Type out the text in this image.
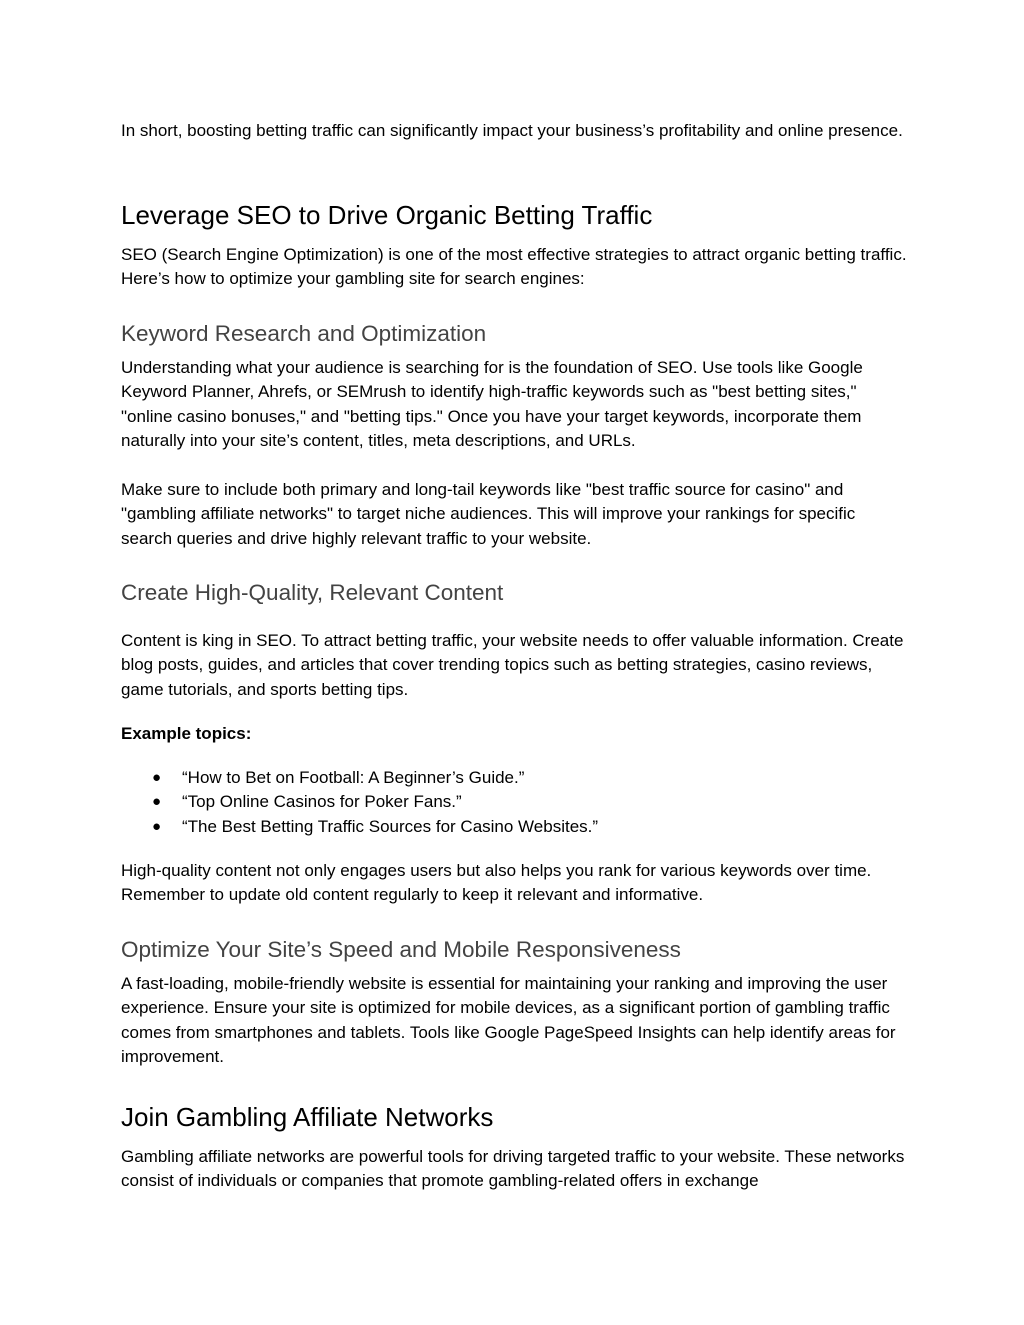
In short, boosting betting traffic can significantly impact your business’s profitability and online presence.

Leverage SEO to Drive Organic Betting Traffic

SEO (Search Engine Optimization) is one of the most effective strategies to attract organic betting traffic. Here’s how to optimize your gambling site for search engines:

Keyword Research and Optimization

Understanding what your audience is searching for is the foundation of SEO. Use tools like Google Keyword Planner, Ahrefs, or SEMrush to identify high-traffic keywords such as "best betting sites," "online casino bonuses," and "betting tips." Once you have your target keywords, incorporate them naturally into your site’s content, titles, meta descriptions, and URLs.

Make sure to include both primary and long-tail keywords like "best traffic source for casino" and "gambling affiliate networks" to target niche audiences. This will improve your rankings for specific search queries and drive highly relevant traffic to your website.

Create High-Quality, Relevant Content

Content is king in SEO. To attract betting traffic, your website needs to offer valuable information. Create blog posts, guides, and articles that cover trending topics such as betting strategies, casino reviews, game tutorials, and sports betting tips.

Example topics:

● “How to Bet on Football: A Beginner’s Guide.”
● “Top Online Casinos for Poker Fans.”
● “The Best Betting Traffic Sources for Casino Websites.”

High-quality content not only engages users but also helps you rank for various keywords over time. Remember to update old content regularly to keep it relevant and informative.

Optimize Your Site’s Speed and Mobile Responsiveness

A fast-loading, mobile-friendly website is essential for maintaining your ranking and improving the user experience. Ensure your site is optimized for mobile devices, as a significant portion of gambling traffic comes from smartphones and tablets. Tools like Google PageSpeed Insights can help identify areas for improvement.

Join Gambling Affiliate Networks

Gambling affiliate networks are powerful tools for driving targeted traffic to your website. These networks consist of individuals or companies that promote gambling-related offers in exchange
